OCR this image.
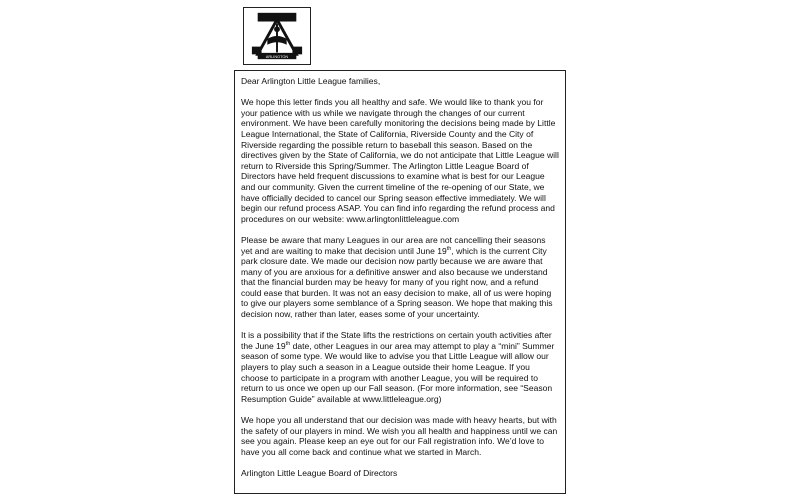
ARLINGTON

Dear Arlington Little League families,

We hope this letter finds you all healthy and safe. We would like to thank you for your patience with us while we navigate through the changes of our current environment. We have been carefully monitoring the decisions being made by Little League International, the State of California, Riverside County and the City of Riverside regarding the possible return to baseball this season. Based on the directives given by the State of California, we do not anticipate that Little League will return to Riverside this Spring/Summer. The Arlington Little League Board of Directors have held frequent discussions to examine what is best for our League and our community. Given the current timeline of the re-opening of our State, we have officially decided to cancel our Spring season effective immediately. We will begin our refund process ASAP. You can find info regarding the refund process and procedures on our website: www.arlingtonlittleleague.com

Please be aware that many Leagues in our area are not cancelling their seasons yet and are waiting to make that decision until June 19th, which is the current City park closure date. We made our decision now partly because we are aware that many of you are anxious for a definitive answer and also because we understand that the financial burden may be heavy for many of you right now, and a refund could ease that burden. It was not an easy decision to make, all of us were hoping to give our players some semblance of a Spring season. We hope that making this decision now, rather than later, eases some of your uncertainty.

It is a possibility that if the State lifts the restrictions on certain youth activities after the June 19th date, other Leagues in our area may attempt to play a “mini” Summer season of some type. We would like to advise you that Little League will allow our players to play such a season in a League outside their home League. If you choose to participate in a program with another League, you will be required to return to us once we open up our Fall season. (For more information, see “Season Resumption Guide” available at www.littleleague.org)

We hope you all understand that our decision was made with heavy hearts, but with the safety of our players in mind. We wish you all health and happiness until we can see you again. Please keep an eye out for our Fall registration info. We’d love to have you all come back and continue what we started in March.

Arlington Little League Board of Directors
